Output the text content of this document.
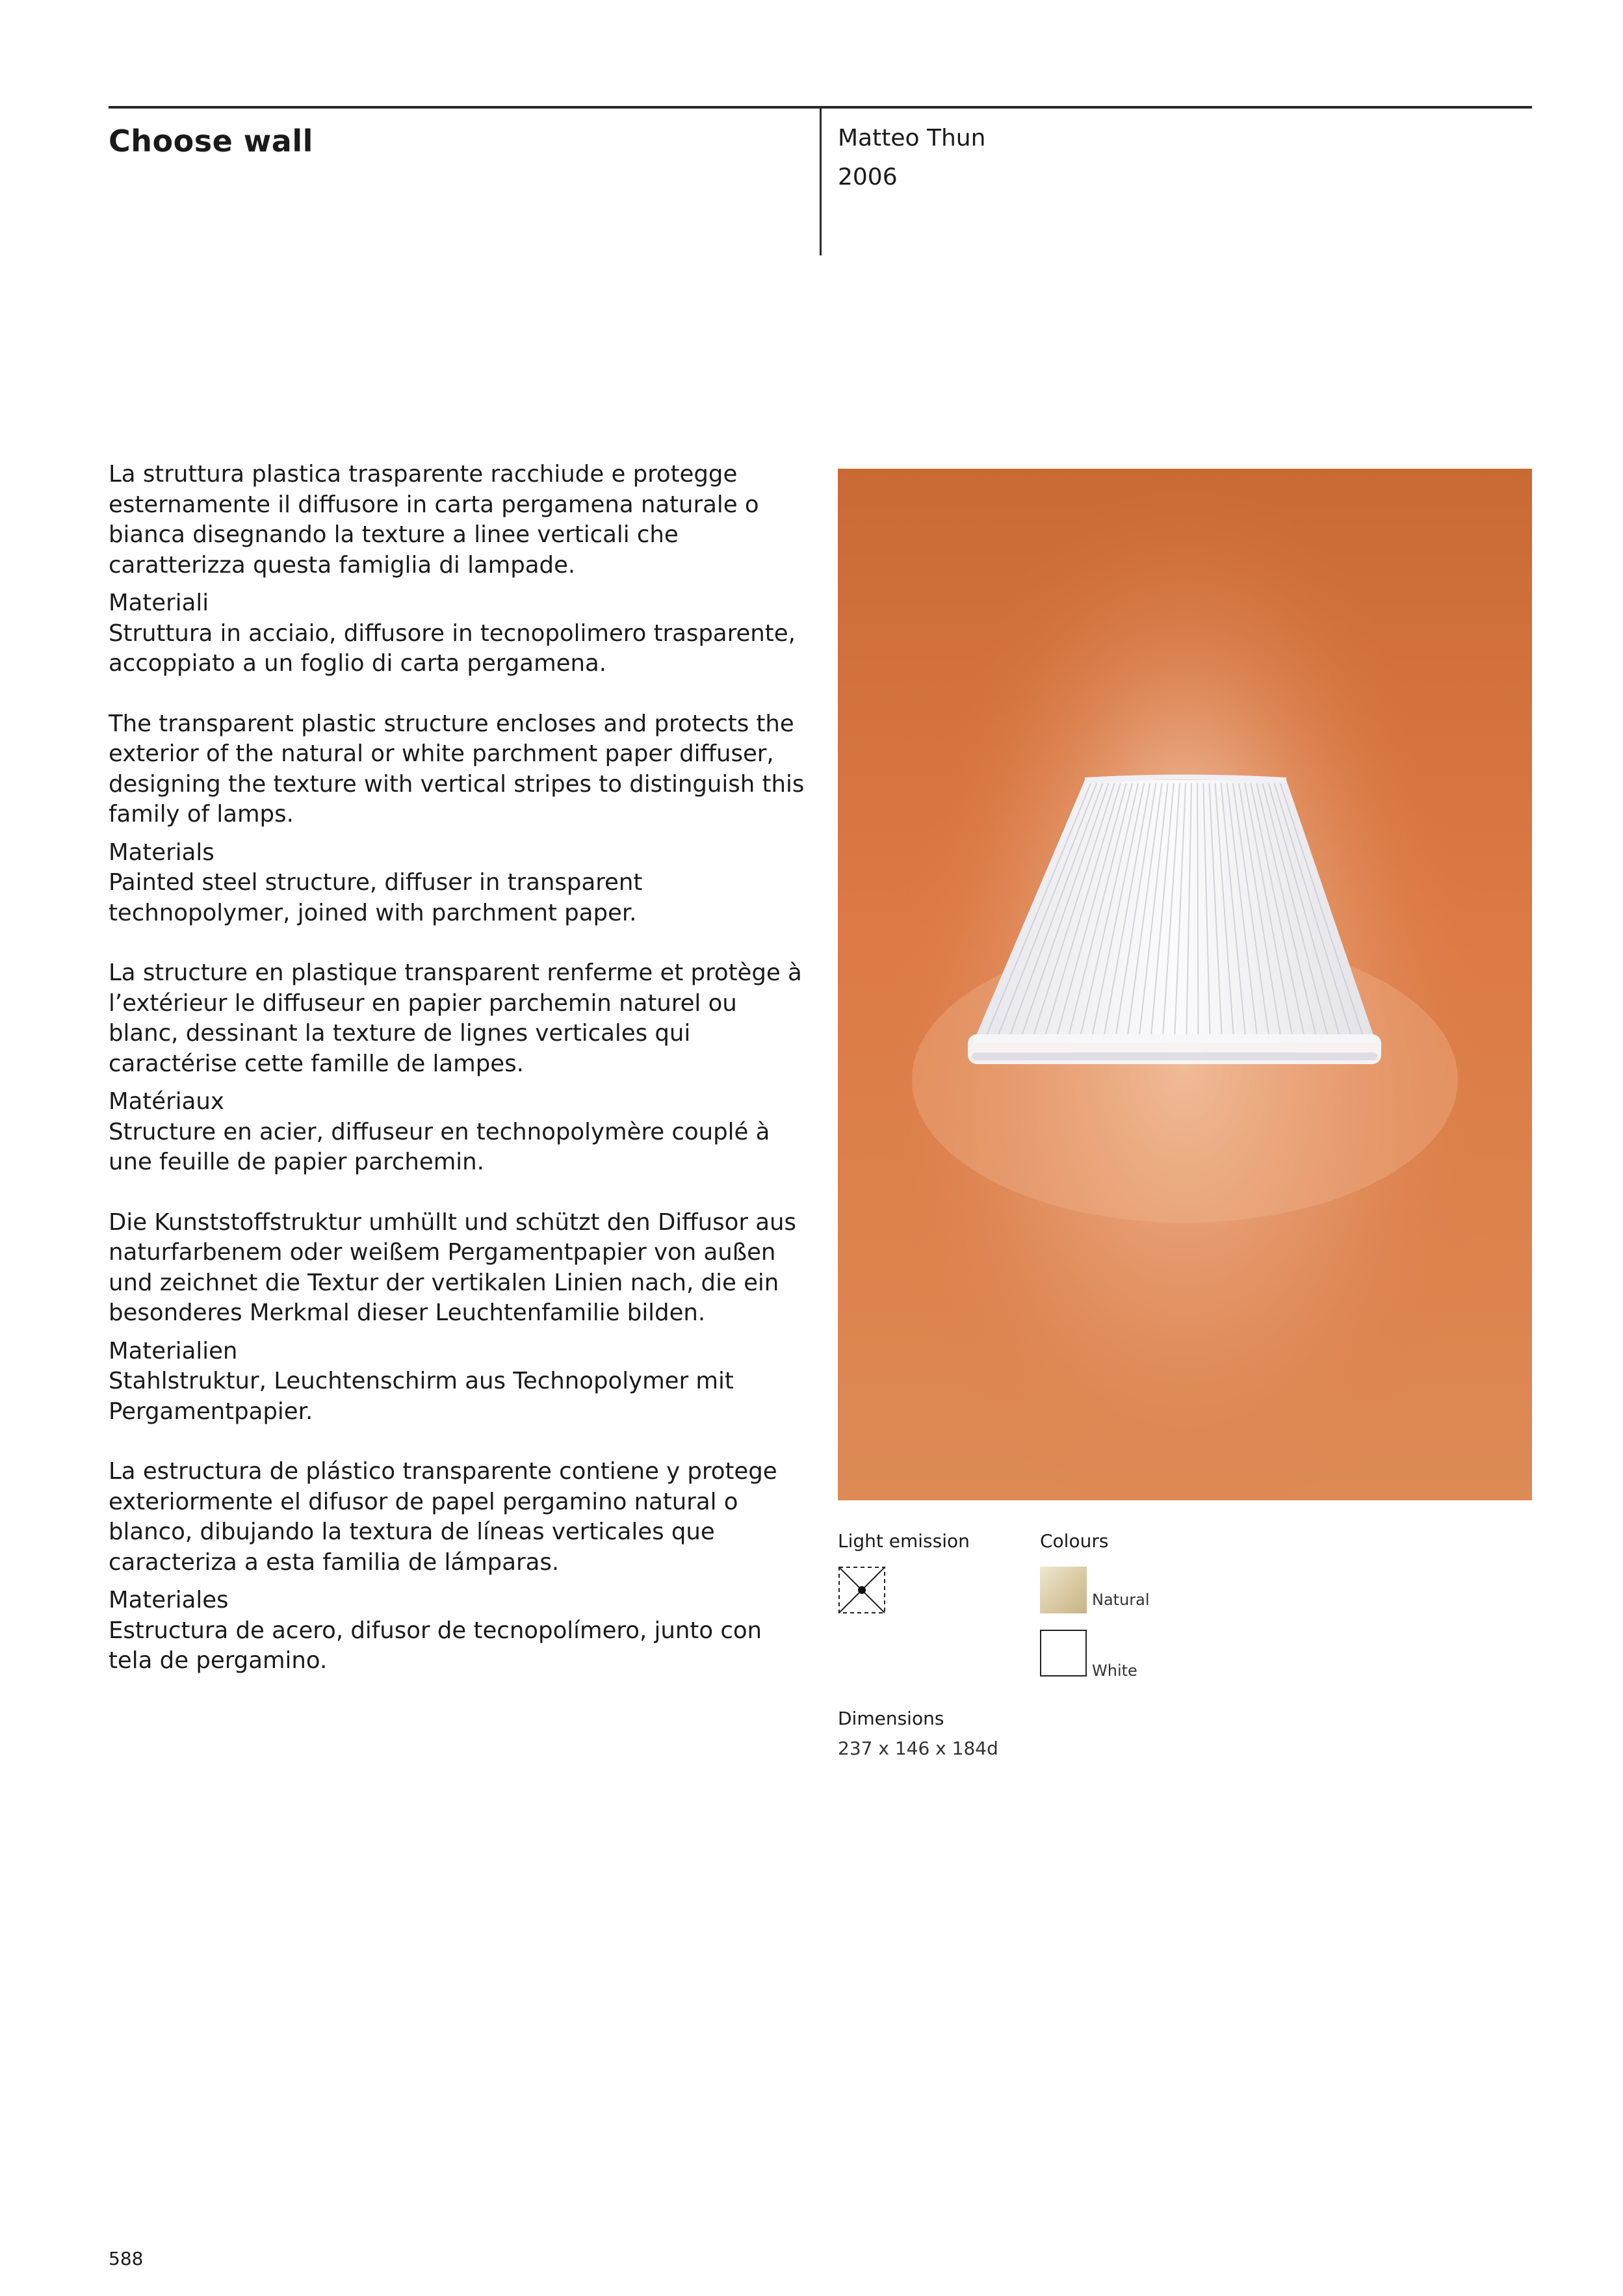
Choose wall	Matteo Thun
2006

La struttura plastica trasparente racchiude e protegge esternamente il diffusore in carta pergamena naturale o bianca disegnando la texture a linee verticali che caratterizza questa famiglia di lampade.

Materiali

Struttura in acciaio, diffusore in tecnopolimero trasparente, accoppiato a un foglio di carta pergamena.

The transparent plastic structure encloses and protects the exterior of the natural or white parchment paper diffuser, designing the texture with vertical stripes to distinguish this family of lamps.

Materials

Painted steel structure, diffuser in transparent technopolymer, joined with parchment paper.

La structure en plastique transparent renferme et protège à l’extérieur le diffuseur en papier parchemin naturel ou blanc, dessinant la texture de lignes verticales qui caractérise cette famille de lampes.

Matériaux

Structure en acier, diffuseur en technopolymère couplé à une feuille de papier parchemin.

Die Kunststoffstruktur umhüllt und schützt den Diffusor aus naturfarbenem oder weißem Pergamentpapier von außen und zeichnet die Textur der vertikalen Linien nach, die ein besonderes Merkmal dieser Leuchtenfamilie bilden.

Materialien

Stahlstruktur, Leuchtenschirm aus Technopolymer mit Pergamentpapier.

La estructura de plástico transparente contiene y protege exteriormente el difusor de papel pergamino natural o blanco, dibujando la textura de líneas verticales que caracteriza a esta familia de lámparas.

Materiales

Estructura de acero, difusor de tecnopolímero, junto con tela de pergamino.

Light emission	Colours
Natural
White
Dimensions
237 x 146 x 184d
588
